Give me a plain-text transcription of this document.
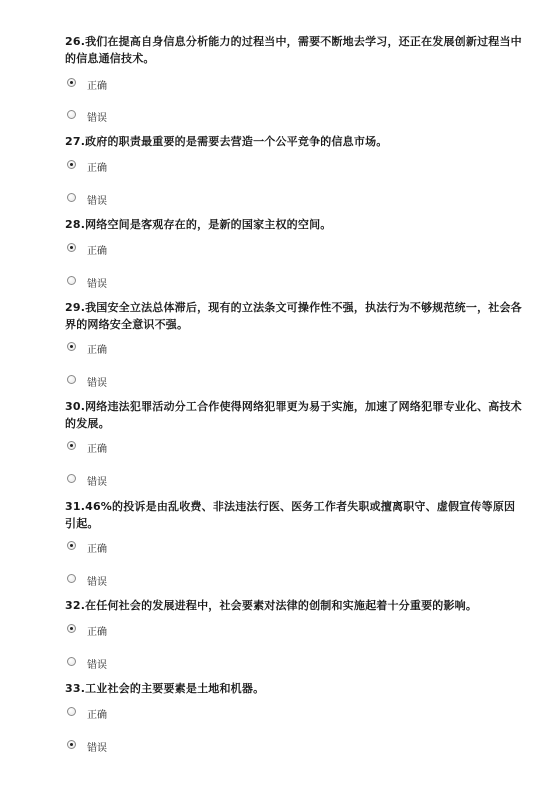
26.我们在提高自身信息分析能力的过程当中，需要不断地去学习，还正在发展创新过程当中的信息通信技术。

正确
错误

27.政府的职责最重要的是需要去营造一个公平竞争的信息市场。

正确
错误

28.网络空间是客观存在的，是新的国家主权的空间。

正确
错误

29.我国安全立法总体滞后，现有的立法条文可操作性不强，执法行为不够规范统一，社会各界的网络安全意识不强。

正确
错误

30.网络违法犯罪活动分工合作使得网络犯罪更为易于实施，加速了网络犯罪专业化、高技术的发展。

正确
错误

31.46%的投诉是由乱收费、非法违法行医、医务工作者失职或擅离职守、虚假宣传等原因引起。

正确
错误

32.在任何社会的发展进程中，社会要素对法律的创制和实施起着十分重要的影响。

正确
错误

33.工业社会的主要要素是土地和机器。

正确
错误
